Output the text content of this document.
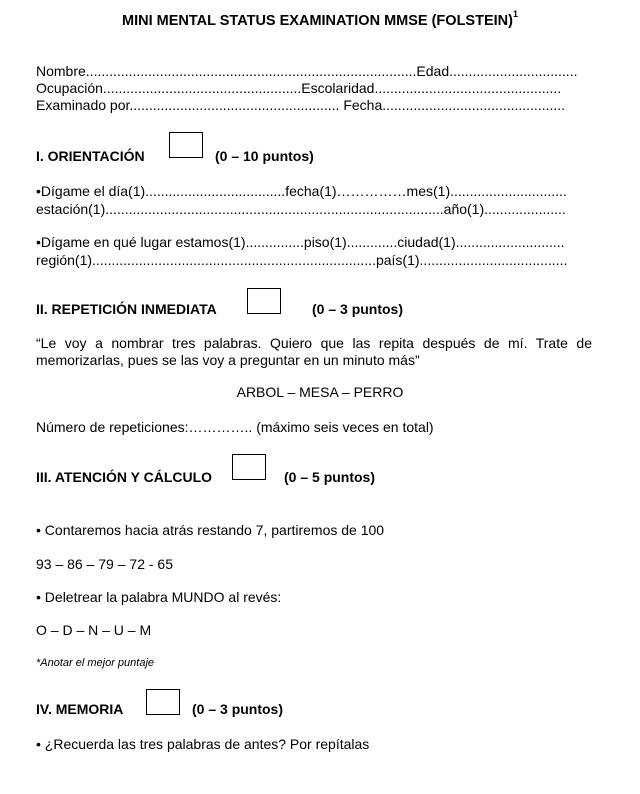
MINI MENTAL STATUS EXAMINATION MMSE (FOLSTEIN)$^1$
Nombre.....................................................................................Edad.................................
Ocupación...................................................Escolaridad................................................
Examinado por...................................................... Fecha...............................................
I. ORIENTACIÓN	(0 – 10 puntos)
•Dígame el día(1)....................................fecha(1)……………mes(1)..............................
estación(1).......................................................................................año(1).....................
•Dígame en qué lugar estamos(1)...............piso(1).............ciudad(1)............................
región(1).........................................................................país(1)......................................
II. REPETICIÓN INMEDIATA	(0 – 3 puntos)
“Le voy a nombrar tres palabras. Quiero que las repita después de mí. Trate de memorizarlas, pues se las voy a preguntar en un minuto más”
ARBOL – MESA – PERRO
Número de repeticiones:………….. (máximo seis veces en total)
III. ATENCIÓN Y CÁLCULO	(0 – 5 puntos)
• Contaremos hacia atrás restando 7, partiremos de 100
93 – 86 – 79 – 72 - 65
• Deletrear la palabra MUNDO al revés:
O – D – N – U – M
*Anotar el mejor puntaje
IV. MEMORIA	(0 – 3 puntos)
• ¿Recuerda las tres palabras de antes? Por repítalas
